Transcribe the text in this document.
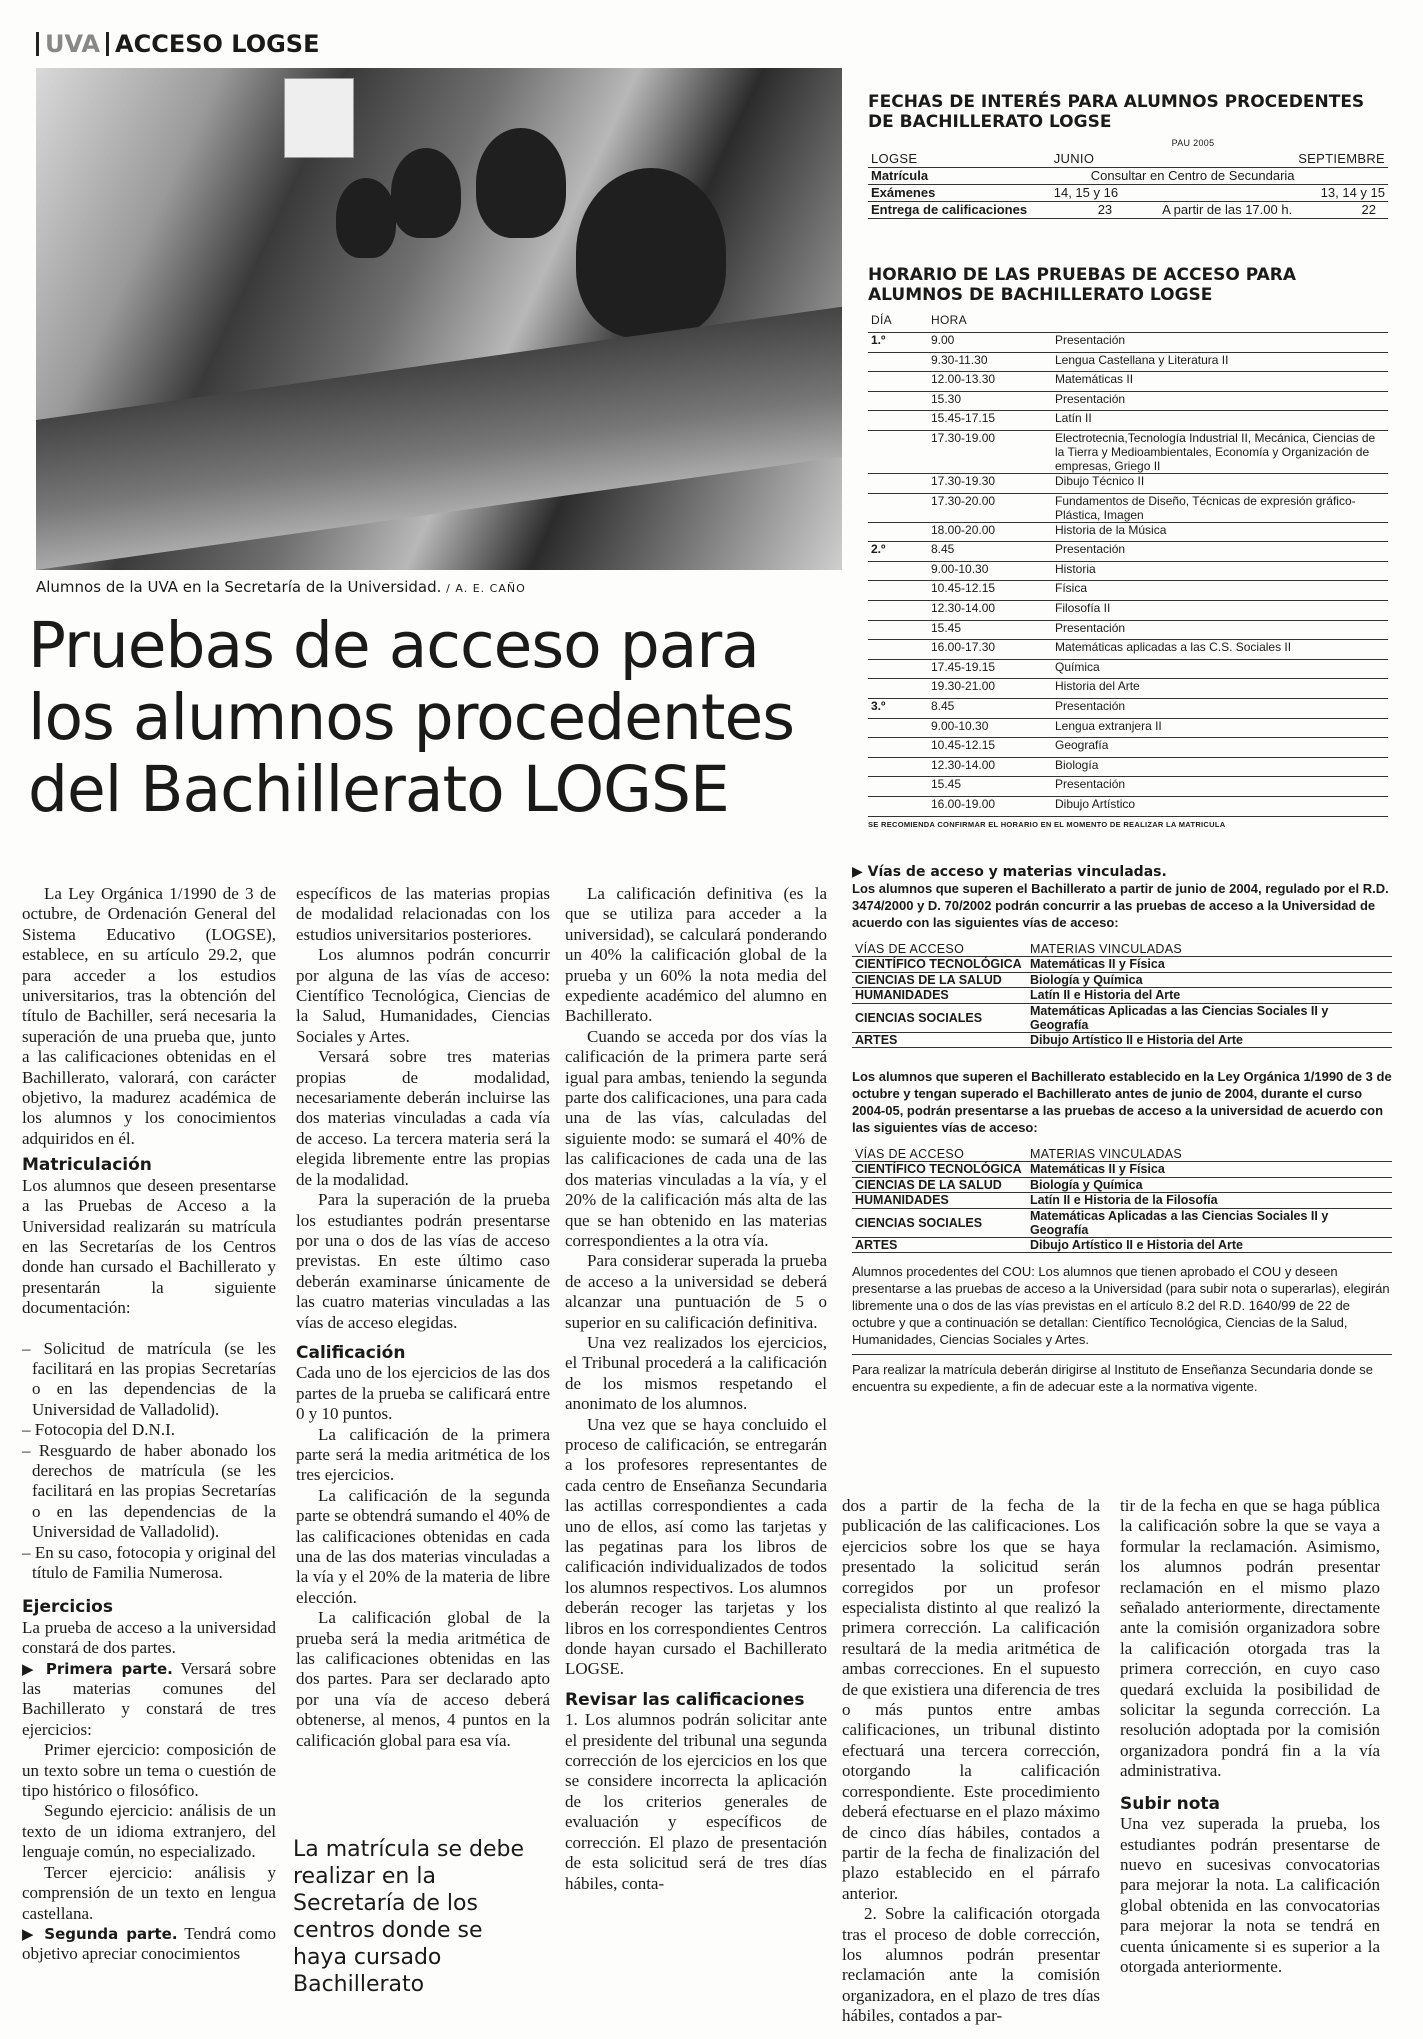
UVA ACCESO LOGSE
Alumnos de la UVA en la Secretaría de la Universidad. / A. E. CAÑO
Pruebas de acceso para los alumnos procedentes del Bachillerato LOGSE

La Ley Orgánica 1/1990 de 3 de octubre, de Ordenación General del Sistema Educativo (LOGSE), establece, en su artículo 29.2, que para acceder a los estudios universitarios, tras la obtención del título de Bachiller, será necesaria la superación de una prueba que, junto a las calificaciones obtenidas en el Bachillerato, valorará, con carácter objetivo, la madurez académica de los alumnos y los conocimientos adquiridos en él.

Matriculación

Los alumnos que deseen presentarse a las Pruebas de Acceso a la Universidad realizarán su matrícula en las Secretarías de los Centros donde han cursado el Bachillerato y presentarán la siguiente documentación:

– Solicitud de matrícula (se les facilitará en las propias Secretarías o en las dependencias de la Universidad de Valladolid).

– Fotocopia del D.N.I.

– Resguardo de haber abonado los derechos de matrícula (se les facilitará en las propias Secretarías o en las dependencias de la Universidad de Valladolid).

– En su caso, fotocopia y original del título de Familia Numerosa.

Ejercicios

La prueba de acceso a la universidad constará de dos partes.

▶ Primera parte. Versará sobre las materias comunes del Bachillerato y constará de tres ejercicios:

Primer ejercicio: composición de un texto sobre un tema o cuestión de tipo histórico o filosófico.

Segundo ejercicio: análisis de un texto de un idioma extranjero, del lenguaje común, no especializado.

Tercer ejercicio: análisis y comprensión de un texto en lengua castellana.

▶ Segunda parte. Tendrá como objetivo apreciar conocimientos

específicos de las materias propias de modalidad relacionadas con los estudios universitarios posteriores.

Los alumnos podrán concurrir por alguna de las vías de acceso: Científico Tecnológica, Ciencias de la Salud, Humanidades, Ciencias Sociales y Artes.

Versará sobre tres materias propias de modalidad, necesariamente deberán incluirse las dos materias vinculadas a cada vía de acceso. La tercera materia será la elegida libremente entre las propias de la modalidad.

Para la superación de la prueba los estudiantes podrán presentarse por una o dos de las vías de acceso previstas. En este último caso deberán examinarse únicamente de las cuatro materias vinculadas a las vías de acceso elegidas.

Calificación

Cada uno de los ejercicios de las dos partes de la prueba se calificará entre 0 y 10 puntos.

La calificación de la primera parte será la media aritmética de los tres ejercicios.

La calificación de la segunda parte se obtendrá sumando el 40% de las calificaciones obtenidas en cada una de las dos materias vinculadas a la vía y el 20% de la materia de libre elección.

La calificación global de la prueba será la media aritmética de las calificaciones obtenidas en las dos partes. Para ser declarado apto por una vía de acceso deberá obtenerse, al menos, 4 puntos en la calificación global para esa vía.

La matrícula se debe realizar en la Secretaría de los centros donde se haya cursado Bachillerato

La calificación definitiva (es la que se utiliza para acceder a la universidad), se calculará ponderando un 40% la calificación global de la prueba y un 60% la nota media del expediente académico del alumno en Bachillerato.

Cuando se acceda por dos vías la calificación de la primera parte será igual para ambas, teniendo la segunda parte dos calificaciones, una para cada una de las vías, calculadas del siguiente modo: se sumará el 40% de las calificaciones de cada una de las dos materias vinculadas a la vía, y el 20% de la calificación más alta de las que se han obtenido en las materias correspondientes a la otra vía.

Para considerar superada la prueba de acceso a la universidad se deberá alcanzar una puntuación de 5 o superior en su calificación definitiva.

Una vez realizados los ejercicios, el Tribunal procederá a la calificación de los mismos respetando el anonimato de los alumnos.

Una vez que se haya concluido el proceso de calificación, se entregarán a los profesores representantes de cada centro de Enseñanza Secundaria las actillas correspondientes a cada uno de ellos, así como las tarjetas y las pegatinas para los libros de calificación individualizados de todos los alumnos respectivos. Los alumnos deberán recoger las tarjetas y los libros en los correspondientes Centros donde hayan cursado el Bachillerato LOGSE.

Revisar las calificaciones

1. Los alumnos podrán solicitar ante el presidente del tribunal una segunda corrección de los ejercicios en los que se considere incorrecta la aplicación de los criterios generales de evaluación y específicos de corrección. El plazo de presentación de esta solicitud será de tres días hábiles, conta-

dos a partir de la fecha de la publicación de las calificaciones. Los ejercicios sobre los que se haya presentado la solicitud serán corregidos por un profesor especialista distinto al que realizó la primera corrección. La calificación resultará de la media aritmética de ambas correcciones. En el supuesto de que existiera una diferencia de tres o más puntos entre ambas calificaciones, un tribunal distinto efectuará una tercera corrección, otorgando la calificación correspondiente. Este procedimiento deberá efectuarse en el plazo máximo de cinco días hábiles, contados a partir de la fecha de finalización del plazo establecido en el párrafo anterior.

2. Sobre la calificación otorgada tras el proceso de doble corrección, los alumnos podrán presentar reclamación ante la comisión organizadora, en el plazo de tres días hábiles, contados a par-

tir de la fecha en que se haga pública la calificación sobre la que se vaya a formular la reclamación. Asimismo, los alumnos podrán presentar reclamación en el mismo plazo señalado anteriormente, directamente ante la comisión organizadora sobre la calificación otorgada tras la primera corrección, en cuyo caso quedará excluida la posibilidad de solicitar la segunda corrección. La resolución adoptada por la comisión organizadora pondrá fin a la vía administrativa.

Subir nota

Una vez superada la prueba, los estudiantes podrán presentarse de nuevo en sucesivas convocatorias para mejorar la nota. La calificación global obtenida en las convocatorias para mejorar la nota se tendrá en cuenta únicamente si es superior a la otorgada anteriormente.

FECHAS DE INTERÉS PARA ALUMNOS PROCEDENTES DE BACHILLERATO LOGSE
PAU 2005
LOGSE	JUNIO		SEPTIEMBRE
Matrícula	Consultar en Centro de Secundaria		
Exámenes	14, 15 y 16		13, 14 y 15
Entrega de calificaciones	23	A partir de las 17.00 h.	22
HORARIO DE LAS PRUEBAS DE ACCESO PARA ALUMNOS DE BACHILLERATO LOGSE
DÍA	HORA	
1.º	9.00	Presentación
	9.30-11.30	Lengua Castellana y Literatura II
	12.00-13.30	Matemáticas II
	15.30	Presentación
	15.45-17.15	Latín II
	17.30-19.00	Electrotecnia,Tecnología Industrial II, Mecánica, Ciencias de la Tierra y Medioambientales, Economía y Organización de empresas, Griego II
	17.30-19.30	Dibujo Técnico II
	17.30-20.00	Fundamentos de Diseño, Técnicas de expresión gráfico-Plástica, Imagen
	18.00-20.00	Historia de la Música
2.º	8.45	Presentación
	9.00-10.30	Historia
	10.45-12.15	Física
	12.30-14.00	Filosofía II
	15.45	Presentación
	16.00-17.30	Matemáticas aplicadas a las C.S. Sociales II
	17.45-19.15	Química
	19.30-21.00	Historia del Arte
3.º	8.45	Presentación
	9.00-10.30	Lengua extranjera II
	10.45-12.15	Geografía
	12.30-14.00	Biología
	15.45	Presentación
	16.00-19.00	Dibujo Artístico
SE RECOMIENDA CONFIRMAR EL HORARIO EN EL MOMENTO DE REALIZAR LA MATRICULA
▶ Vías de acceso y materias vinculadas.

Los alumnos que superen el Bachillerato a partir de junio de 2004, regulado por el R.D. 3474/2000 y D. 70/2002 podrán concurrir a las pruebas de acceso a la Universidad de acuerdo con las siguientes vías de acceso:

VÍAS DE ACCESO	MATERIAS VINCULADAS
CIENTÍFICO TECNOLÓGICA	Matemáticas II y Física
CIENCIAS DE LA SALUD	Biología y Química
HUMANIDADES	Latín II e Historia del Arte
CIENCIAS SOCIALES	Matemáticas Aplicadas a las Ciencias Sociales II y Geografía
ARTES	Dibujo Artístico II e Historia del Arte

Los alumnos que superen el Bachillerato establecido en la Ley Orgánica 1/1990 de 3 de octubre y tengan superado el Bachillerato antes de junio de 2004, durante el curso 2004-05, podrán presentarse a las pruebas de acceso a la universidad de acuerdo con las siguientes vías de acceso:

VÍAS DE ACCESO	MATERIAS VINCULADAS
CIENTÍFICO TECNOLÓGICA	Matemáticas II y Física
CIENCIAS DE LA SALUD	Biología y Química
HUMANIDADES	Latín II e Historia de la Filosofía
CIENCIAS SOCIALES	Matemáticas Aplicadas a las Ciencias Sociales II y Geografía
ARTES	Dibujo Artístico II e Historia del Arte

Alumnos procedentes del COU: Los alumnos que tienen aprobado el COU y deseen presentarse a las pruebas de acceso a la Universidad (para subir nota o superarlas), elegirán libremente una o dos de las vías previstas en el artículo 8.2 del R.D. 1640/99 de 22 de octubre y que a continuación se detallan: Científico Tecnológica, Ciencias de la Salud, Humanidades, Ciencias Sociales y Artes.

Para realizar la matrícula deberán dirigirse al Instituto de Enseñanza Secundaria donde se encuentra su expediente, a fin de adecuar este a la normativa vigente.
